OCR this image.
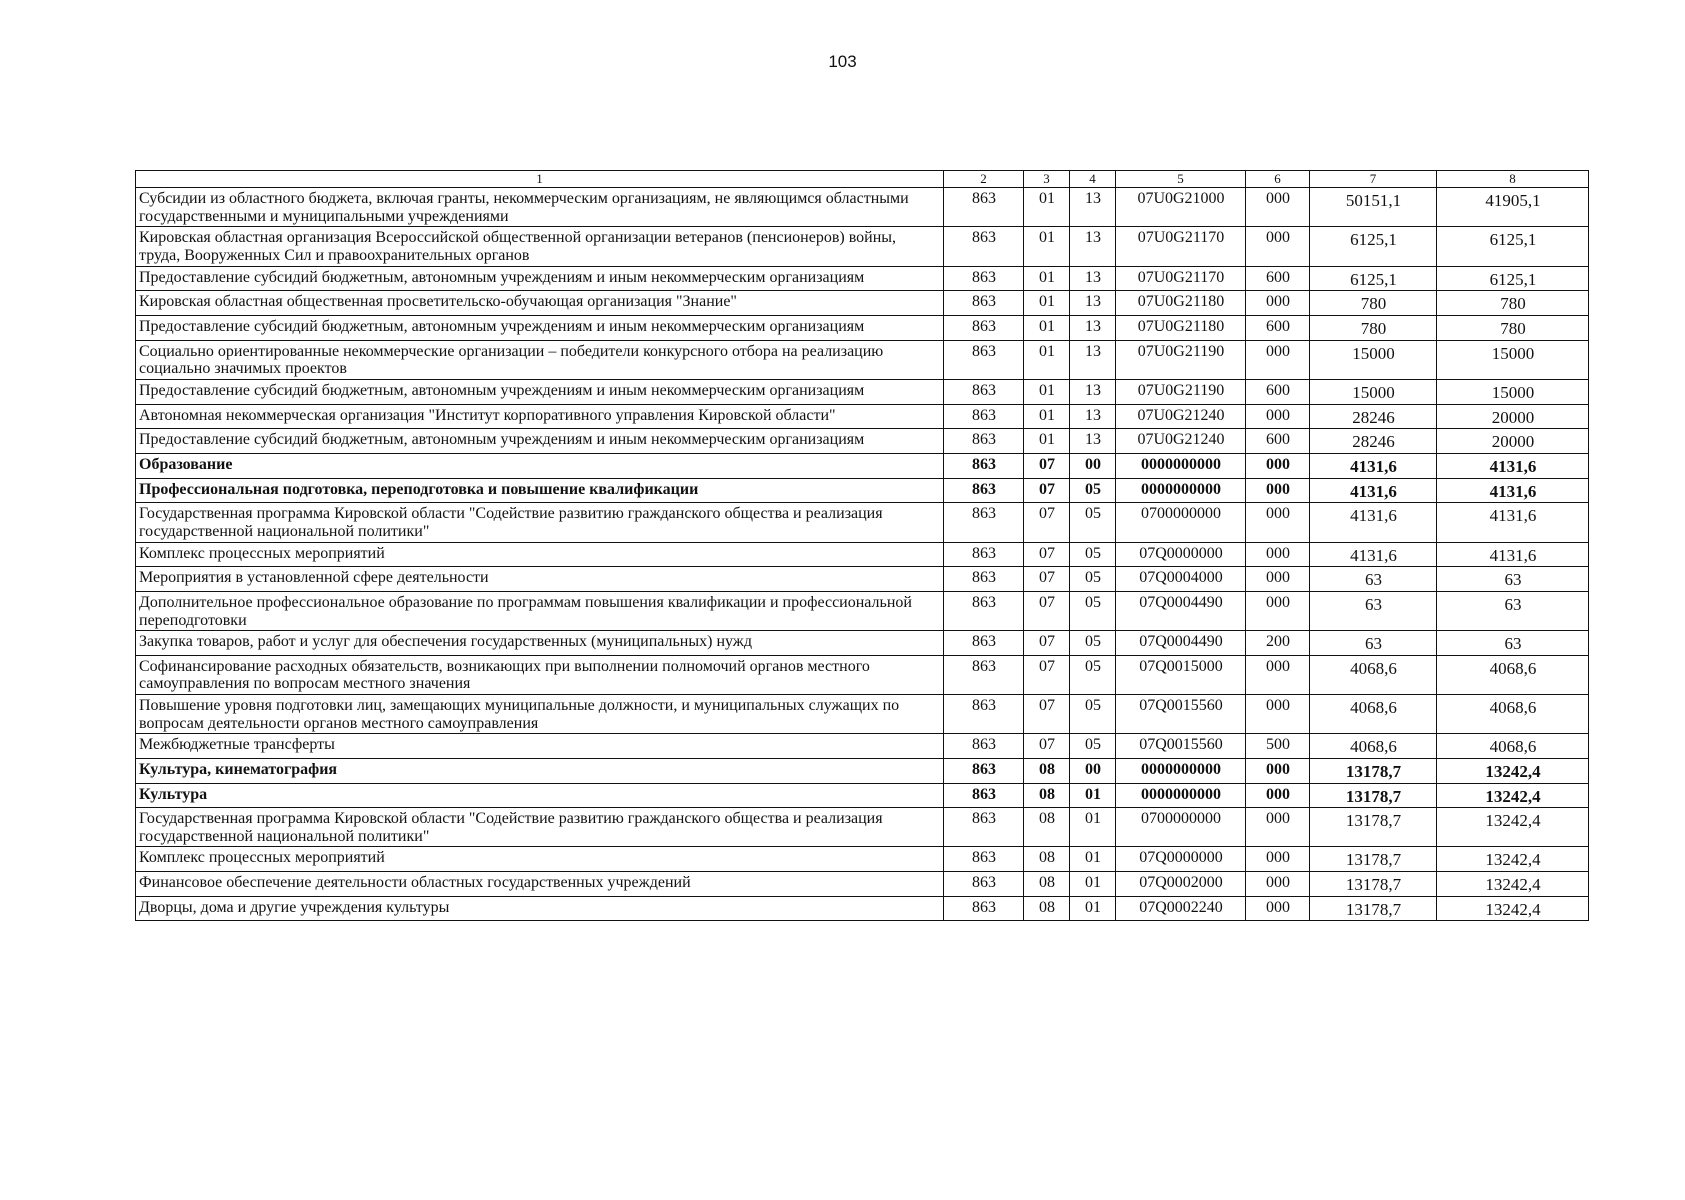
103
1	2	3	4	5	6	7	8
Субсидии из областного бюджета, включая гранты, некоммерческим организациям, не являющимся областными государственными и муниципальными учреждениями	863	01	13	07U0G21000	000	50151,1	41905,1
Кировская областная организация Всероссийской общественной организации ветеранов (пенсионеров) войны, труда, Вооруженных Сил и правоохранительных органов	863	01	13	07U0G21170	000	6125,1	6125,1
Предоставление субсидий бюджетным, автономным учреждениям и иным некоммерческим организациям	863	01	13	07U0G21170	600	6125,1	6125,1
Кировская областная общественная просветительско-обучающая организация "Знание"	863	01	13	07U0G21180	000	780	780
Предоставление субсидий бюджетным, автономным учреждениям и иным некоммерческим организациям	863	01	13	07U0G21180	600	780	780
Социально ориентированные некоммерческие организации – победители конкурсного отбора на реализацию социально значимых проектов	863	01	13	07U0G21190	000	15000	15000
Предоставление субсидий бюджетным, автономным учреждениям и иным некоммерческим организациям	863	01	13	07U0G21190	600	15000	15000
Автономная некоммерческая организация "Институт корпоративного управления Кировской области"	863	01	13	07U0G21240	000	28246	20000
Предоставление субсидий бюджетным, автономным учреждениям и иным некоммерческим организациям	863	01	13	07U0G21240	600	28246	20000
Образование	863	07	00	0000000000	000	4131,6	4131,6
Профессиональная подготовка, переподготовка и повышение квалификации	863	07	05	0000000000	000	4131,6	4131,6
Государственная программа Кировской области "Содействие развитию гражданского общества и реализация государственной национальной политики"	863	07	05	0700000000	000	4131,6	4131,6
Комплекс процессных мероприятий	863	07	05	07Q0000000	000	4131,6	4131,6
Мероприятия в установленной сфере деятельности	863	07	05	07Q0004000	000	63	63
Дополнительное профессиональное образование по программам повышения квалификации и профессиональной переподготовки	863	07	05	07Q0004490	000	63	63
Закупка товаров, работ и услуг для обеспечения государственных (муниципальных) нужд	863	07	05	07Q0004490	200	63	63
Софинансирование расходных обязательств, возникающих при выполнении полномочий органов местного самоуправления по вопросам местного значения	863	07	05	07Q0015000	000	4068,6	4068,6
Повышение уровня подготовки лиц, замещающих муниципальные должности, и муниципальных служащих по вопросам деятельности органов местного самоуправления	863	07	05	07Q0015560	000	4068,6	4068,6
Межбюджетные трансферты	863	07	05	07Q0015560	500	4068,6	4068,6
Культура, кинематография	863	08	00	0000000000	000	13178,7	13242,4
Культура	863	08	01	0000000000	000	13178,7	13242,4
Государственная программа Кировской области "Содействие развитию гражданского общества и реализация государственной национальной политики"	863	08	01	0700000000	000	13178,7	13242,4
Комплекс процессных мероприятий	863	08	01	07Q0000000	000	13178,7	13242,4
Финансовое обеспечение деятельности областных государственных учреждений	863	08	01	07Q0002000	000	13178,7	13242,4
Дворцы, дома и другие учреждения культуры	863	08	01	07Q0002240	000	13178,7	13242,4
